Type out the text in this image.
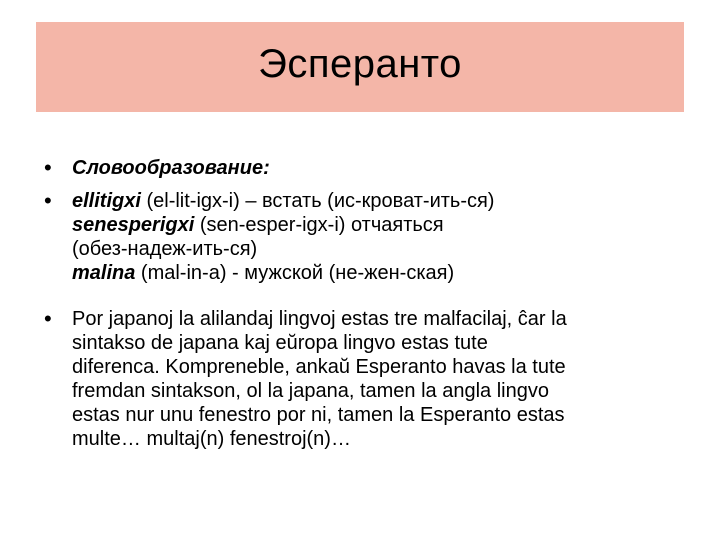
Эсперанто
•	Словообразование:
•	ellitigxi (el-lit-igx-i) – встать (ис-кроват-ить-ся)
senesperigxi (sen-esper-igx-i) отчаяться
(обез-надеж-ить-ся)
malina (mal-in-a) - мужской (не-жен-ская)
•	Por japanoj la alilandaj lingvoj estas tre malfacilaj, ĉar la
sintakso de japana kaj eŭropa lingvo estas tute
diferenca. Kompreneble, ankaŭ Esperanto havas la tute
fremdan sintakson, ol la japana, tamen la angla lingvo
estas nur unu fenestro por ni, tamen la Esperanto estas
multe… multaj(n) fenestroj(n)…
